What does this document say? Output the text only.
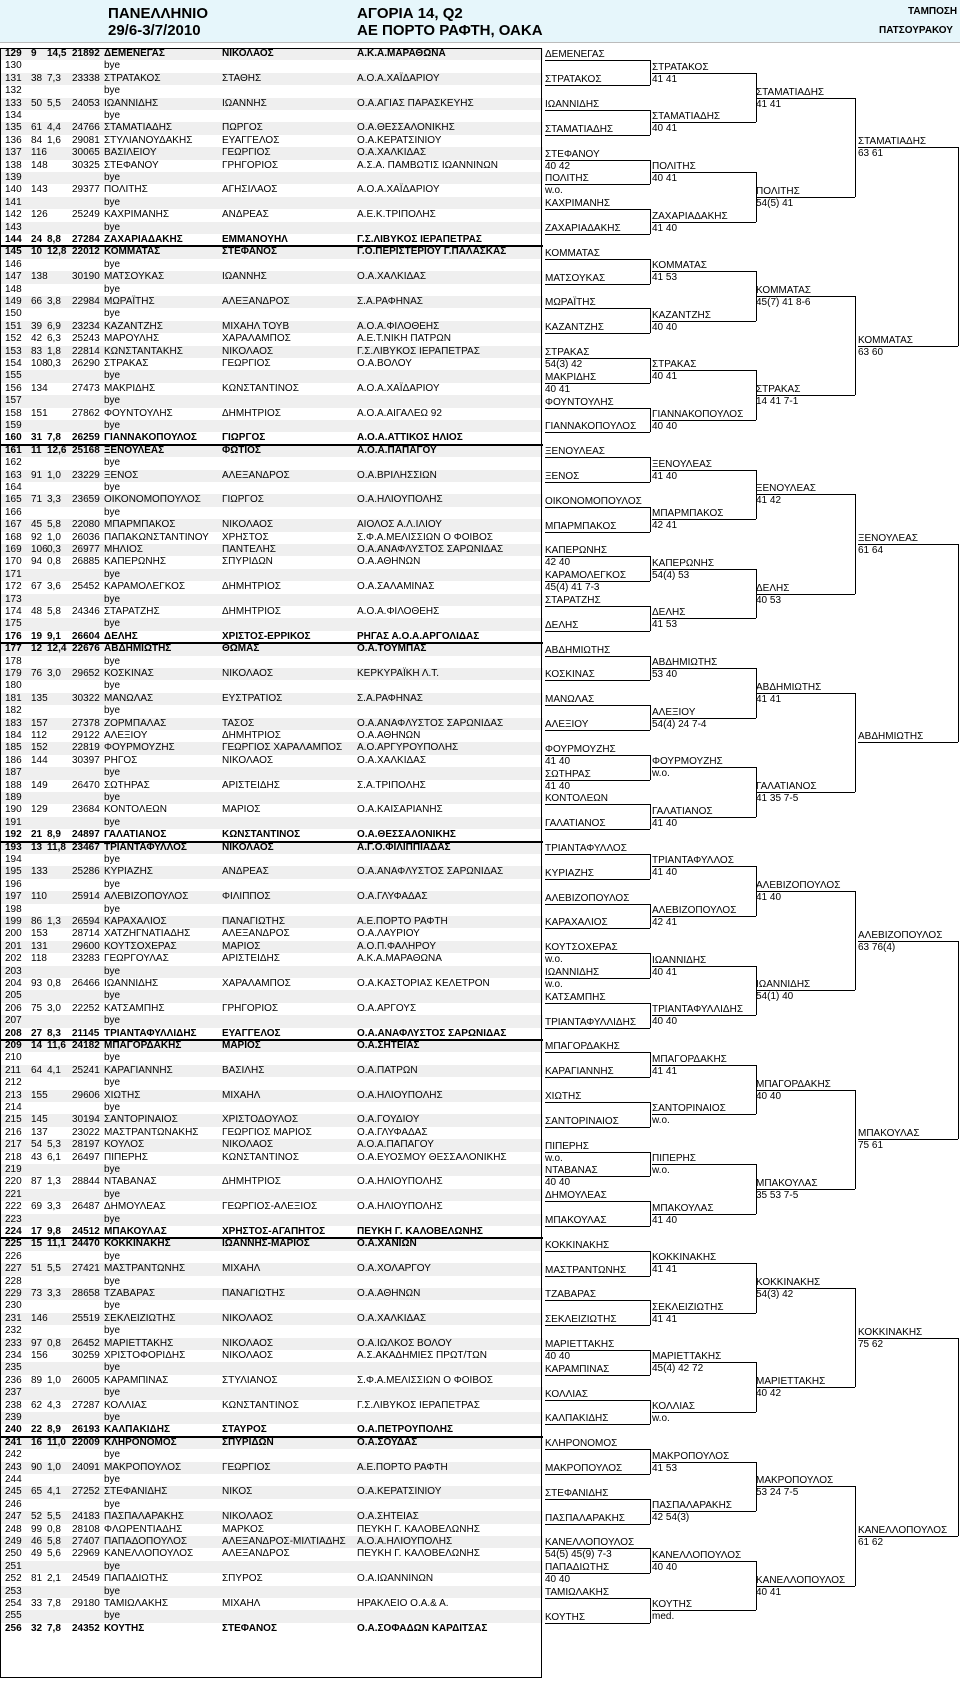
ΠΑΝΕΛΛΗΝΙΟ
29/6-3/7/2010
ΑΓΟΡΙΑ 14, Q2
ΑΕ ΠΟΡΤΟ ΡΑΦΤΗ, ΟΑΚΑ
ΤΑΜΠΟΣΗ
ΠΑΤΣΟΥΡΑΚΟΥ
129 9	14,5 21892 ΔΕΜΕΝΕΓΑΣ	ΝΙΚΟΛΑΟΣ	Α.Κ.Α.ΜΑΡΑΘΩΝΑ
130	bye
131 38 7,3	23338 ΣΤΡΑΤΑΚΟΣ	ΣΤΑΘΗΣ	Α.Ο.Α.ΧΑΪΔΑΡΙΟΥ
132	bye
133 50 5,5	24053 ΙΩΑΝΝΙΔΗΣ	ΙΩΑΝΝΗΣ	Ο.Α.ΑΓΙΑΣ ΠΑΡΑΣΚΕΥΗΣ
134	bye
135 61 4,4	24766 ΣΤΑΜΑΤΙΑΔΗΣ	ΠΩΡΓΟΣ	Ο.Α.ΘΕΣΣΑΛΟΝΙΚΗΣ
136 84 1,6	29081 ΣΤΥΛΙΑΝΟΥΔΑΚΗΣ	ΕΥΑΓΓΕΛΟΣ	Ο.Α.ΚΕΡΑΤΣΙΝΙΟΥ
137 116	30065 ΒΑΣΙΛΕΙΟΥ	ΓΕΩΡΓΙΟΣ	Ο.Α.ΧΑΛΚΙΔΑΣ
138 148 30325 ΣΤΕΦΑΝΟΥ	ΓΡΗΓΟΡΙΟΣ	Α.Σ.Α. ΠΑΜΒΩΤΙΣ ΙΩΑΝΝΙΝΩΝ
139	bye
140 143 29377 ΠΟΛΙΤΗΣ	ΑΓΗΣΙΛΑΟΣ	Α.Ο.Α.ΧΑΪΔΑΡΙΟΥ
141	bye
142 126 25249 ΚΑΧΡΙΜΑΝΗΣ	ΑΝΔΡΕΑΣ	Α.Ε.Κ.ΤΡΙΠΟΛΗΣ
143	bye
144 24 8,8	27284 ΖΑΧΑΡΙΑΔΑΚΗΣ	ΕΜΜΑΝΟΥΗΛ	Γ.Σ.ΛΙΒΥΚΟΣ ΙΕΡΑΠΕΤΡΑΣ
145 10 12,8 22012 ΚΟΜΜΑΤΑΣ	ΣΤΕΦΑΝΟΣ	Γ.Ο.ΠΕΡΙΣΤΕΡΙΟΥ Γ.ΠΑΛΑΣΚΑΣ
146	bye
147 138 30190 ΜΑΤΣΟΥΚΑΣ	ΙΩΑΝΝΗΣ	Ο.Α.ΧΑΛΚΙΔΑΣ
148	bye
149 66 3,8	22984 ΜΩΡΑΪΤΗΣ	ΑΛΕΞΑΝΔΡΟΣ	Σ.Α.ΡΑΦΗΝΑΣ
150	bye
151 39 6,9	23234 ΚΑΖΑΝΤΖΗΣ	ΜΙΧΑΗΛ ΤΟΥΒ	Α.Ο.Α.ΦΙΛΟΘΕΗΣ
152 42 6,3	25243 ΜΑΡΟΥΛΗΣ	ΧΑΡΑΛΑΜΠΟΣ	Α.Ε.Τ.ΝΙΚΗ ΠΑΤΡΩΝ
153 83 1,8	22814 ΚΩΝΣΤΑΝΤΑΚΗΣ	ΝΙΚΟΛΑΟΣ	Γ.Σ.ΛΙΒΥΚΟΣ ΙΕΡΑΠΕΤΡΑΣ
154 108 0,3	26290 ΣΤΡΑΚΑΣ	ΓΕΩΡΓΙΟΣ	Ο.Α.ΒΟΛΟΥ
155	bye
156 134 27473 ΜΑΚΡΙΔΗΣ	ΚΩΝΣΤΑΝΤΙΝΟΣ	Α.Ο.Α.ΧΑΪΔΑΡΙΟΥ
157	bye
158 151 27862 ΦΟΥΝΤΟΥΛΗΣ	ΔΗΜΗΤΡΙΟΣ	Α.Ο.Α.ΑΙΓΑΛΕΩ 92
159	bye
160 31 7,8	26259 ΓΙΑΝΝΑΚΟΠΟΥΛΟΣ	ΓΙΩΡΓΟΣ	Α.Ο.Α.ΑΤΤΙΚΟΣ ΗΛΙΟΣ
161 11 12,6 25168 ΞΕΝΟΥΛΕΑΣ	ΦΩΤΙΟΣ	Α.Ο.Α.ΠΑΠΑΓΟΥ
162	bye
163 91 1,0	23229 ΞΕΝΟΣ	ΑΛΕΞΑΝΔΡΟΣ	Ο.Α.ΒΡΙΛΗΣΣΙΩΝ
164	bye
165 71 3,3	23659 ΟΙΚΟΝΟΜΟΠΟΥΛΟΣ	ΓΙΩΡΓΟΣ	Ο.Α.ΗΛΙΟΥΠΟΛΗΣ
166	bye
167 45 5,8	22080 ΜΠΑΡΜΠΑΚΟΣ	ΝΙΚΟΛΑΟΣ	ΑΙΟΛΟΣ Α.Λ.ΙΛΙΟΥ
168 92 1,0	26036 ΠΑΠΑΚΩΝΣΤΑΝΤΙΝΟΥ	ΧΡΗΣΤΟΣ	Σ.Φ.Α.ΜΕΛΙΣΣΙΩΝ Ο ΦΟΙΒΟΣ
169 106 0,3	26977 ΜΗΛΙΟΣ	ΠΑΝΤΕΛΗΣ	Ο.Α.ΑΝΑΦΛΥΣΤΟΣ ΣΑΡΩΝΙΔΑΣ
170 94 0,8	26885 ΚΑΠΕΡΩΝΗΣ	ΣΠΥΡΙΔΩΝ	Ο.Α.ΑΘΗΝΩΝ
171	bye
172 67 3,6	25452 ΚΑΡΑΜΟΛΕΓΚΟΣ	ΔΗΜΗΤΡΙΟΣ	Ο.Α.ΣΑΛΑΜΙΝΑΣ
173	bye
174 48 5,8	24346 ΣΤΑΡΑΤΖΗΣ	ΔΗΜΗΤΡΙΟΣ	Α.Ο.Α.ΦΙΛΟΘΕΗΣ
175	bye
176 19 9,1	26604 ΔΕΛΗΣ	ΧΡΙΣΤΟΣ-ΕΡΡΙΚΟΣ	ΡΗΓΑΣ Α.Ο.Α.ΑΡΓΟΛΙΔΑΣ
177 12 12,4 22676 ΑΒΔΗΜΙΩΤΗΣ	ΘΩΜΑΣ	Ο.Α.ΤΟΥΜΠΑΣ
178	bye
179 76 3,0	29652 ΚΟΣΚΙΝΑΣ	ΝΙΚΟΛΑΟΣ	ΚΕΡΚΥΡΑΪΚΗ Λ.Τ.
180	bye
181 135 30322 ΜΑΝΩΛΑΣ	ΕΥΣΤΡΑΤΙΟΣ	Σ.Α.ΡΑΦΗΝΑΣ
182	bye
183 157 27378 ΖΟΡΜΠΑΛΑΣ	ΤΑΣΟΣ	Ο.Α.ΑΝΑΦΛΥΣΤΟΣ ΣΑΡΩΝΙΔΑΣ
184 112	29122 ΑΛΕΞΙΟΥ	ΔΗΜΗΤΡΙΟΣ	Ο.Α.ΑΘΗΝΩΝ
185 152 22819 ΦΟΥΡΜΟΥΖΗΣ	ΓΕΩΡΓΙΟΣ ΧΑΡΑΛΑΜΠΟΣ	Α.Ο.ΑΡΓΥΡΟΥΠΟΛΗΣ
186 144 30397 ΡΗΓΟΣ	ΝΙΚΟΛΑΟΣ	Ο.Α.ΧΑΛΚΙΔΑΣ
187	bye
188 149 26470 ΣΩΤΗΡΑΣ	ΑΡΙΣΤΕΙΔΗΣ	Σ.Α.ΤΡΙΠΟΛΗΣ
189	bye
190 129 23684 ΚΟΝΤΟΛΕΩΝ	ΜΑΡΙΟΣ	Ο.Α.ΚΑΙΣΑΡΙΑΝΗΣ
191	bye
192 21 8,9	24897 ΓΑΛΑΤΙΑΝΟΣ	ΚΩΝΣΤΑΝΤΙΝΟΣ	Ο.Α.ΘΕΣΣΑΛΟΝΙΚΗΣ
193 13 11,8 23467 ΤΡΙΑΝΤΑΦΥΛΛΟΣ	ΝΙΚΟΛΑΟΣ	Α.Γ.Ο.ΦΙΛΙΠΠΙΑΔΑΣ
194	bye
195 133 25286 ΚΥΡΙΑΖΗΣ	ΑΝΔΡΕΑΣ	Ο.Α.ΑΝΑΦΛΥΣΤΟΣ ΣΑΡΩΝΙΔΑΣ
196	bye
197 110	25914 ΑΛΕΒΙΖΟΠΟΥΛΟΣ	ΦΙΛΙΠΠΟΣ	Ο.Α.ΓΛΥΦΑΔΑΣ
198	bye
199 86 1,3	26594 ΚΑΡΑΧΑΛΙΟΣ	ΠΑΝΑΓΙΩΤΗΣ	Α.Ε.ΠΟΡΤΟ ΡΑΦΤΗ
200 153 28714 ΧΑΤΖΗΓΝΑΤΙΑΔΗΣ	ΑΛΕΞΑΝΔΡΟΣ	Ο.Α.ΛΑΥΡΙΟΥ
201 131 29600 ΚΟΥΤΣΟΧΕΡΑΣ	ΜΑΡΙΟΣ	Α.Ο.Π.ΦΑΛΗΡΟΥ
202 118	23283 ΓΕΩΡΓΟΥΛΑΣ	ΑΡΙΣΤΕΙΔΗΣ	Α.Κ.Α.ΜΑΡΑΘΩΝΑ
203	bye
204 93 0,8	26466 ΙΩΑΝΝΙΔΗΣ	ΧΑΡΑΛΑΜΠΟΣ	Ο.Α.ΚΑΣΤΟΡΙΑΣ ΚΕΛΕΤΡΟΝ
205	bye
206 75 3,0	22252 ΚΑΤΣΑΜΠΗΣ	ΓΡΗΓΟΡΙΟΣ	Ο.Α.ΑΡΓΟΥΣ
207	bye
208 27 8,3	21145 ΤΡΙΑΝΤΑΦΥΛΛΙΔΗΣ	ΕΥΑΓΓΕΛΟΣ	Ο.Α.ΑΝΑΦΛΥΣΤΟΣ ΣΑΡΩΝΙΔΑΣ
209 14 11,6 24182 ΜΠΑΓΟΡΔΑΚΗΣ	ΜΑΡΙΟΣ	Ο.Α.ΣΗΤΕΙΑΣ
210	bye
211	64 4,1	25241 ΚΑΡΑΓΙΑΝΝΗΣ	ΒΑΣΙΛΗΣ	Ο.Α.ΠΑΤΡΩΝ
212	bye
213 155 29606 ΧΙΩΤΗΣ	ΜΙΧΑΗΛ	Ο.Α.ΗΛΙΟΥΠΟΛΗΣ
214	bye
215 145 30194 ΣΑΝΤΟΡΙΝΑΙΟΣ	ΧΡΙΣΤΟΔΟΥΛΟΣ	Ο.Α.ΓΟΥΔΙΟΥ
216 137 23022 ΜΑΣΤΡΑΝΤΩΝΑΚΗΣ	ΓΕΩΡΓΙΟΣ ΜΑΡΙΟΣ	Ο.Α.ΓΛΥΦΑΔΑΣ
217 54 5,3	28197 ΚΟΥΛΟΣ	ΝΙΚΟΛΑΟΣ	Α.Ο.Α.ΠΑΠΑΓΟΥ
218 43 6,1	26497 ΠΙΠΕΡΗΣ	ΚΩΝΣΤΑΝΤΙΝΟΣ	Ο.Α.ΕΥΟΣΜΟΥ ΘΕΣΣΑΛΟΝΙΚΗΣ
219	bye
220 87 1,3	28844 ΝΤΑΒΑΝΑΣ	ΔΗΜΗΤΡΙΟΣ	Ο.Α.ΗΛΙΟΥΠΟΛΗΣ
221	bye
222 69 3,3	26487 ΔΗΜΟΥΛΕΑΣ	ΓΕΩΡΓΙΟΣ-ΑΛΕΞΙΟΣ	Ο.Α.ΗΛΙΟΥΠΟΛΗΣ
223	bye
224 17 9,8	24512 ΜΠΑΚΟΥΛΑΣ	ΧΡΗΣΤΟΣ-ΑΓΑΠΗΤΟΣ	ΠΕΥΚΗ Γ. ΚΑΛΟΒΕΛΩΝΗΣ
225 15 11,1 24470 ΚΟΚΚΙΝΑΚΗΣ	ΙΩΑΝΝΗΣ-ΜΑΡΙΟΣ	Ο.Α.ΧΑΝΙΩΝ
226	bye
227 51 5,5	27421 ΜΑΣΤΡΑΝΤΩΝΗΣ	ΜΙΧΑΗΛ	Ο.Α.ΧΟΛΑΡΓΟΥ
228	bye
229 73 3,3	28658 ΤΖΑΒΑΡΑΣ	ΠΑΝΑΓΙΩΤΗΣ	Ο.Α.ΑΘΗΝΩΝ
230	bye
231 146 25519 ΣΕΚΛΕΙΖΙΩΤΗΣ	ΝΙΚΟΛΑΟΣ	Ο.Α.ΧΑΛΚΙΔΑΣ
232	bye
233 97 0,8	26452 ΜΑΡΙΕΤΤΑΚΗΣ	ΝΙΚΟΛΑΟΣ	Ο.Α.ΙΩΛΚΟΣ ΒΟΛΟΥ
234 156 30259 ΧΡΙΣΤΟΦΟΡΙΔΗΣ	ΝΙΚΟΛΑΟΣ	Α.Σ.ΑΚΑΔΗΜΙΕΣ ΠΡΩΤ/ΤΩΝ
235	bye
236 89 1,0	26005 ΚΑΡΑΜΠΙΝΑΣ	ΣΤΥΛΙΑΝΟΣ	Σ.Φ.Α.ΜΕΛΙΣΣΙΩΝ Ο ΦΟΙΒΟΣ
237	bye
238 62 4,3	27287 ΚΟΛΛΙΑΣ	ΚΩΝΣΤΑΝΤΙΝΟΣ	Γ.Σ.ΛΙΒΥΚΟΣ ΙΕΡΑΠΕΤΡΑΣ
239	bye
240 22 8,9	26193 ΚΑΛΠΑΚΙΔΗΣ	ΣΤΑΥΡΟΣ	Ο.Α.ΠΕΤΡΟΥΠΟΛΗΣ
241 16 11,0 22009 ΚΛΗΡΟΝΟΜΟΣ	ΣΠΥΡΙΔΩΝ	Ο.Α.ΣΟΥΔΑΣ
242	bye
243 90 1,0	24091 ΜΑΚΡΟΠΟΥΛΟΣ	ΓΕΩΡΓΙΟΣ	Α.Ε.ΠΟΡΤΟ ΡΑΦΤΗ
244	bye
245 65 4,1	27252 ΣΤΕΦΑΝΙΔΗΣ	ΝΙΚΟΣ	Ο.Α.ΚΕΡΑΤΣΙΝΙΟΥ
246	bye
247 52 5,5	24183 ΠΑΣΠΑΛΑΡΑΚΗΣ	ΝΙΚΟΛΑΟΣ	Ο.Α.ΣΗΤΕΙΑΣ
248 99 0,8	28108 ΦΛΩΡΕΝΤΙΑΔΗΣ	ΜΑΡΚΟΣ	ΠΕΥΚΗ Γ. ΚΑΛΟΒΕΛΩΝΗΣ
249 46 5,8	27407 ΠΑΠΑΔΟΠΟΥΛΟΣ	ΑΛΕΞΑΝΔΡΟΣ-ΜΙΛΤΙΑΔΗΣ	Α.Ο.Α.ΗΛΙΟΥΠΟΛΗΣ
250 49 5,6	22969 ΚΑΝΕΛΛΟΠΟΥΛΟΣ	ΑΛΕΞΑΝΔΡΟΣ	ΠΕΥΚΗ Γ. ΚΑΛΟΒΕΛΩΝΗΣ
251	bye
252 81 2,1	24549 ΠΑΠΑΔΙΩΤΗΣ	ΣΠΥΡΟΣ	Ο.Α.ΙΩΑΝΝΙΝΩΝ
253	bye
254 33 7,8	29180 ΤΑΜΙΩΛΑΚΗΣ	ΜΙΧΑΗΛ	ΗΡΑΚΛΕΙΟ Ο.Α.& Α.
255	bye
256 32 7,8	24352 ΚΟΥΤΗΣ	ΣΤΕΦΑΝΟΣ	Ο.Α.ΣΟΦΑΔΩΝ ΚΑΡΔΙΤΣΑΣ
ΔΕΜΕΝΕΓΑΣ
ΣΤΡΑΤΑΚΟΣ
ΙΩΑΝΝΙΔΗΣ
ΣΤΑΜΑΤΙΑΔΗΣ
ΣΤΕΦΑΝΟΥ
40 42
ΠΟΛΙΤΗΣ
w.o.
ΚΑΧΡΙΜΑΝΗΣ
ΖΑΧΑΡΙΑΔΑΚΗΣ
ΚΟΜΜΑΤΑΣ
ΜΑΤΣΟΥΚΑΣ
ΜΩΡΑΪΤΗΣ
ΚΑΖΑΝΤΖΗΣ
ΣΤΡΑΚΑΣ
54(3) 42
ΜΑΚΡΙΔΗΣ
40 41
ΦΟΥΝΤΟΥΛΗΣ
ΓΙΑΝΝΑΚΟΠΟΥΛΟΣ
ΞΕΝΟΥΛΕΑΣ
ΞΕΝΟΣ
ΟΙΚΟΝΟΜΟΠΟΥΛΟΣ
ΜΠΑΡΜΠΑΚΟΣ
ΚΑΠΕΡΩΝΗΣ
42 40
ΚΑΡΑΜΟΛΕΓΚΟΣ
45(4) 41 7-3
ΣΤΑΡΑΤΖΗΣ
ΔΕΛΗΣ
ΑΒΔΗΜΙΩΤΗΣ
ΚΟΣΚΙΝΑΣ
ΜΑΝΩΛΑΣ
ΑΛΕΞΙΟΥ
ΦΟΥΡΜΟΥΖΗΣ
41 40
ΣΩΤΗΡΑΣ
41 40
ΚΟΝΤΟΛΕΩΝ
ΓΑΛΑΤΙΑΝΟΣ
ΤΡΙΑΝΤΑΦΥΛΛΟΣ
ΚΥΡΙΑΖΗΣ
ΑΛΕΒΙΖΟΠΟΥΛΟΣ
ΚΑΡΑΧΑΛΙΟΣ
ΚΟΥΤΣΟΧΕΡΑΣ
w.o.
ΙΩΑΝΝΙΔΗΣ
w.o.
ΚΑΤΣΑΜΠΗΣ
ΤΡΙΑΝΤΑΦΥΛΛΙΔΗΣ
ΜΠΑΓΟΡΔΑΚΗΣ
ΚΑΡΑΓΙΑΝΝΗΣ
ΧΙΩΤΗΣ
ΣΑΝΤΟΡΙΝΑΙΟΣ
ΠΙΠΕΡΗΣ
w.o.
ΝΤΑΒΑΝΑΣ
40 40
ΔΗΜΟΥΛΕΑΣ
ΜΠΑΚΟΥΛΑΣ
ΚΟΚΚΙΝΑΚΗΣ
ΜΑΣΤΡΑΝΤΩΝΗΣ
ΤΖΑΒΑΡΑΣ
ΣΕΚΛΕΙΖΙΩΤΗΣ
ΜΑΡΙΕΤΤΑΚΗΣ
40 40
ΚΑΡΑΜΠΙΝΑΣ
ΚΟΛΛΙΑΣ
ΚΑΛΠΑΚΙΔΗΣ
ΚΛΗΡΟΝΟΜΟΣ
ΜΑΚΡΟΠΟΥΛΟΣ
ΣΤΕΦΑΝΙΔΗΣ
ΠΑΣΠΑΛΑΡΑΚΗΣ
ΚΑΝΕΛΛΟΠΟΥΛΟΣ
54(5) 45(9) 7-3
ΠΑΠΑΔΙΩΤΗΣ
40 40
ΤΑΜΙΩΛΑΚΗΣ
ΚΟΥΤΗΣ
ΣΤΡΑΤΑΚΟΣ
41 41
ΣΤΑΜΑΤΙΑΔΗΣ
40 41
ΠΟΛΙΤΗΣ
40 41
ΖΑΧΑΡΙΑΔΑΚΗΣ
41 40
ΚΟΜΜΑΤΑΣ
41 53
ΚΑΖΑΝΤΖΗΣ
40 40
ΣΤΡΑΚΑΣ
40 41
ΓΙΑΝΝΑΚΟΠΟΥΛΟΣ
40 40
ΞΕΝΟΥΛΕΑΣ
41 40
ΜΠΑΡΜΠΑΚΟΣ
42 41
ΚΑΠΕΡΩΝΗΣ
54(4) 53
ΔΕΛΗΣ
41 53
ΑΒΔΗΜΙΩΤΗΣ
53 40
ΑΛΕΞΙΟΥ
54(4) 24 7-4
ΦΟΥΡΜΟΥΖΗΣ
w.o.
ΓΑΛΑΤΙΑΝΟΣ
41 40
ΤΡΙΑΝΤΑΦΥΛΛΟΣ
41 40
ΑΛΕΒΙΖΟΠΟΥΛΟΣ
42 41
ΙΩΑΝΝΙΔΗΣ
40 41
ΤΡΙΑΝΤΑΦΥΛΛΙΔΗΣ
40 40
ΜΠΑΓΟΡΔΑΚΗΣ
41 41
ΣΑΝΤΟΡΙΝΑΙΟΣ
w.o.
ΠΙΠΕΡΗΣ
w.o.
ΜΠΑΚΟΥΛΑΣ
41 40
ΚΟΚΚΙΝΑΚΗΣ
41 41
ΣΕΚΛΕΙΖΙΩΤΗΣ
41 41
ΜΑΡΙΕΤΤΑΚΗΣ
45(4) 42 72
ΚΟΛΛΙΑΣ
w.o.
ΜΑΚΡΟΠΟΥΛΟΣ
41 53
ΠΑΣΠΑΛΑΡΑΚΗΣ
42 54(3)
ΚΑΝΕΛΛΟΠΟΥΛΟΣ
40 40
ΚΟΥΤΗΣ
med.
ΣΤΑΜΑΤΙΑΔΗΣ
41 41
ΠΟΛΙΤΗΣ
54(5) 41
ΚΟΜΜΑΤΑΣ
45(7) 41 8-6
ΣΤΡΑΚΑΣ
14 41 7-1
ΞΕΝΟΥΛΕΑΣ
41 42
ΔΕΛΗΣ
40 53
ΑΒΔΗΜΙΩΤΗΣ
41 41
ΓΑΛΑΤΙΑΝΟΣ
41 35 7-5
ΑΛΕΒΙΖΟΠΟΥΛΟΣ
41 40
ΙΩΑΝΝΙΔΗΣ
54(1) 40
ΜΠΑΓΟΡΔΑΚΗΣ
40 40
ΜΠΑΚΟΥΛΑΣ
35 53 7-5
ΚΟΚΚΙΝΑΚΗΣ
54(3) 42
ΜΑΡΙΕΤΤΑΚΗΣ
40 42
ΜΑΚΡΟΠΟΥΛΟΣ
53 24 7-5
ΚΑΝΕΛΛΟΠΟΥΛΟΣ
40 41
ΣΤΑΜΑΤΙΑΔΗΣ
63 61
ΚΟΜΜΑΤΑΣ
63 60
ΞΕΝΟΥΛΕΑΣ
61 64
ΑΒΔΗΜΙΩΤΗΣ
ΑΛΕΒΙΖΟΠΟΥΛΟΣ
63 76(4)
ΜΠΑΚΟΥΛΑΣ
75 61
ΚΟΚΚΙΝΑΚΗΣ
75 62
ΚΑΝΕΛΛΟΠΟΥΛΟΣ
61 62
